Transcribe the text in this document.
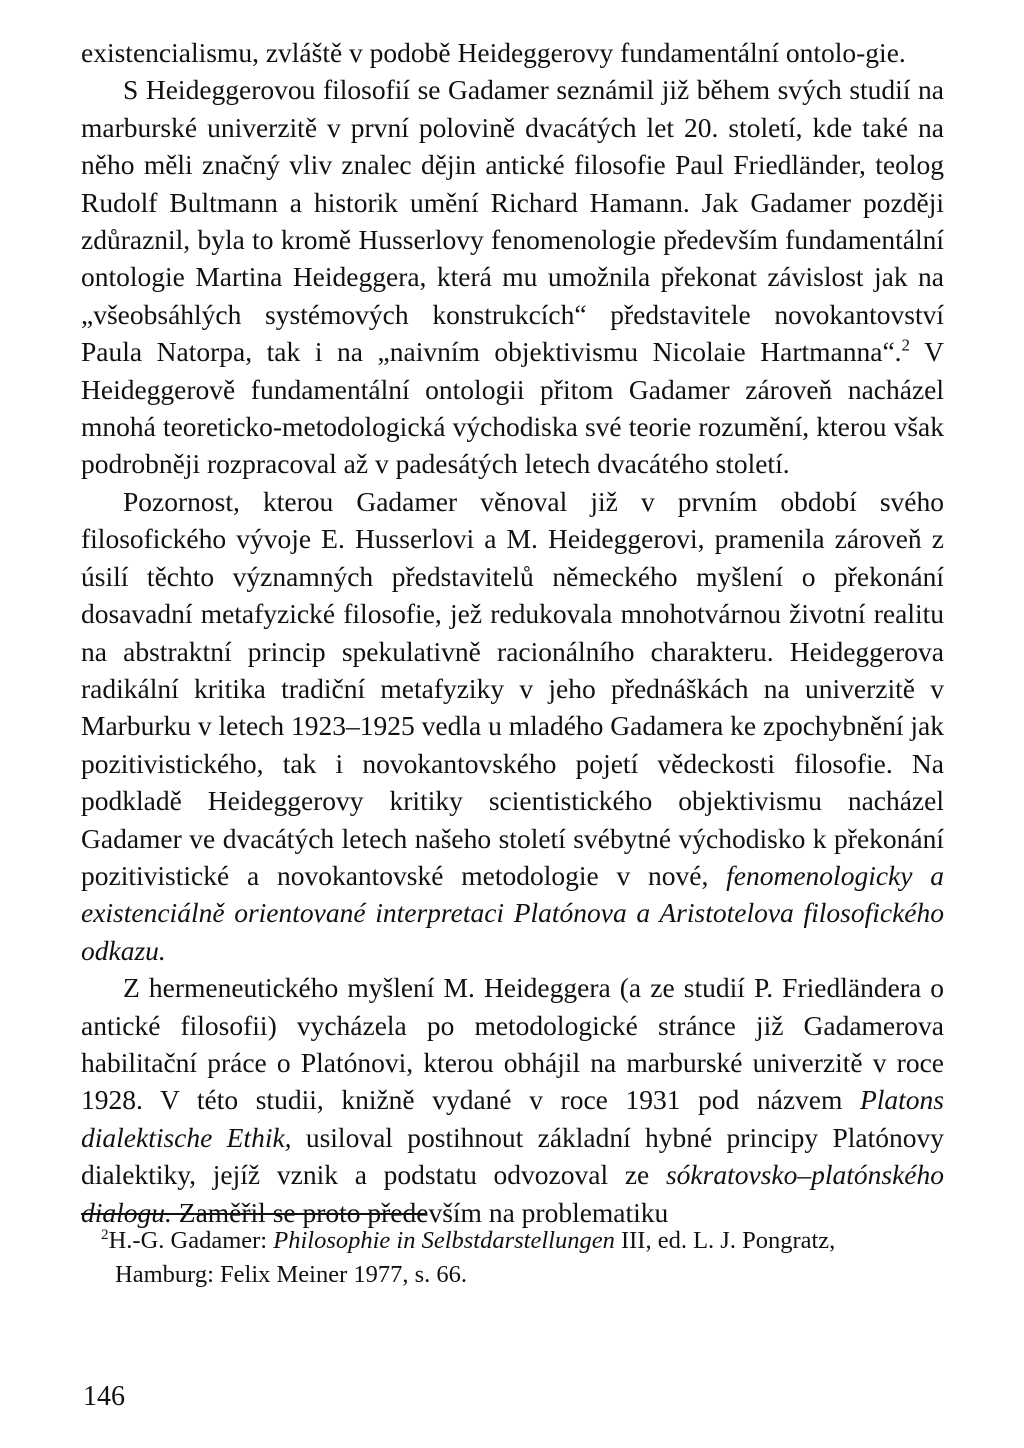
existencialismu, zvláště v podobě Heideggerovy fundamentální ontolo-gie.

S Heideggerovou filosofií se Gadamer seznámil již během svých studií na marburské univerzitě v první polovině dvacátých let 20. století, kde také na něho měli značný vliv znalec dějin antické filosofie Paul Friedländer, teolog Rudolf Bultmann a historik umění Richard Hamann. Jak Gadamer později zdůraznil, byla to kromě Husserlovy fenomenologie především fundamentální ontologie Martina Heideggera, která mu umožnila překonat závislost jak na „všeobsáhlých systémových konstrukcích“ představitele novokantovství Paula Natorpa, tak i na „naivním objektivismu Nicolaie Hartmanna“.$^2$ V Heideggerově fundamentální ontologii přitom Gadamer zároveň nacházel mnohá teoreticko-metodologická východiska své teorie rozumění, kterou však podrobněji rozpracoval až v padesátých letech dvacátého století.

Pozornost, kterou Gadamer věnoval již v prvním období svého filosofického vývoje E. Husserlovi a M. Heideggerovi, pramenila zároveň z úsilí těchto významných představitelů německého myšlení o překonání dosavadní metafyzické filosofie, jež redukovala mnohotvárnou životní realitu na abstraktní princip spekulativně racionálního charakteru. Heideggerova radikální kritika tradiční metafyziky v jeho přednáškách na univerzitě v Marburku v letech 1923–1925 vedla u mladého Gadamera ke zpochybnění jak pozitivistického, tak i novokantovského pojetí vědeckosti filosofie. Na podkladě Heideggerovy kritiky scientistického objektivismu nacházel Gadamer ve dvacátých letech našeho století svébytné východisko k překonání pozitivistické a novokantovské metodologie v nové, fenomenologicky a existenciálně orientované interpretaci Platónova a Aristotelova filosofického odkazu.

Z hermeneutického myšlení M. Heideggera (a ze studií P. Friedländera o antické filosofii) vycházela po metodologické stránce již Gadamerova habilitační práce o Platónovi, kterou obhájil na marburské univerzitě v roce 1928. V této studii, knižně vydané v roce 1931 pod názvem Platons dialektische Ethik, usiloval postihnout základní hybné principy Platónovy dialektiky, jejíž vznik a podstatu odvozoval ze sókratovsko–platónského dialogu. Zaměřil se proto především na problematiku

$^2$H.-G. Gadamer: Philosophie in Selbstdarstellungen III, ed. L. J. Pongratz,
Hamburg: Felix Meiner 1977, s. 66.
146
